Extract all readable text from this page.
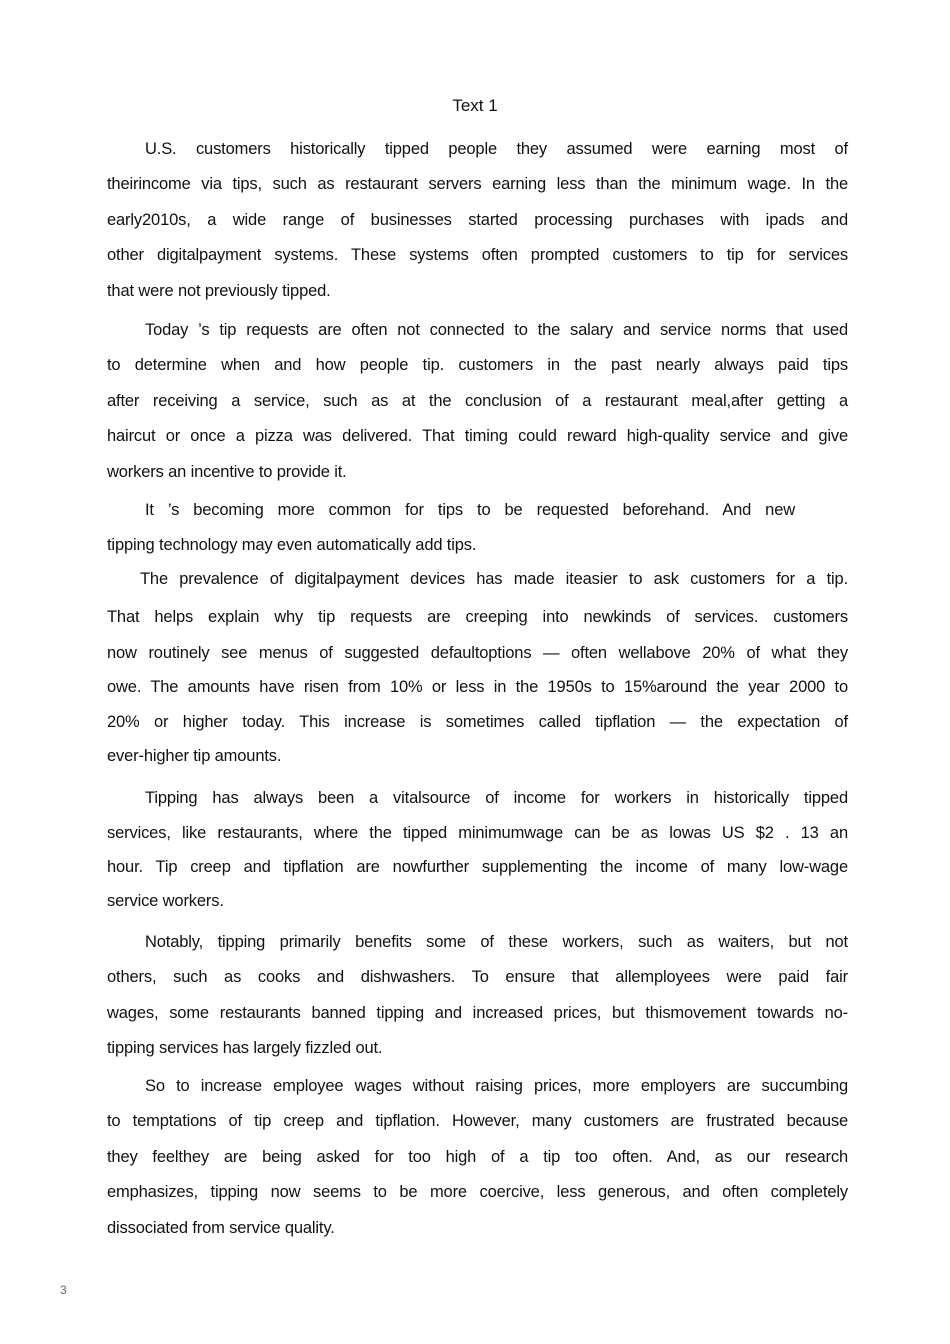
Text 1
U.S. customers historically tipped people they assumed were earning most of
theirincome via tips, such as restaurant servers earning less than the minimum wage. In the
early2010s, a wide range of businesses started processing purchases with ipads and
other digitalpayment systems. These systems often prompted customers to tip for services
that were not previously tipped.
Today ’s tip requests are often not connected to the salary and service norms that used
to determine when and how people tip. customers in the past nearly always paid tips
after receiving a service, such as at the conclusion of a restaurant meal,after getting a
haircut or once a pizza was delivered. That timing could reward high-quality service and give
workers an incentive to provide it.
It ’s becoming more common for tips to be requested beforehand. And new
tipping technology may even automatically add tips.
The prevalence of digitalpayment devices has made iteasier to ask customers for a tip.
That helps explain why tip requests are creeping into newkinds of services. customers
now routinely see menus of suggested defaultoptions — often wellabove 20% of what they
owe. The amounts have risen from 10% or less in the 1950s to 15%around the year 2000 to
20% or higher today. This increase is sometimes called tipflation — the expectation of
ever-higher tip amounts.
Tipping has always been a vitalsource of income for workers in historically tipped
services, like restaurants, where the tipped minimumwage can be as lowas US $2 . 13 an
hour. Tip creep and tipflation are nowfurther supplementing the income of many low-wage
service workers.
Notably, tipping primarily benefits some of these workers, such as waiters, but not
others, such as cooks and dishwashers. To ensure that allemployees were paid fair
wages, some restaurants banned tipping and increased prices, but thismovement towards no-
tipping services has largely fizzled out.
So to increase employee wages without raising prices, more employers are succumbing
to temptations of tip creep and tipflation. However, many customers are frustrated because
they feelthey are being asked for too high of a tip too often. And, as our research
emphasizes, tipping now seems to be more coercive, less generous, and often completely
dissociated from service quality.
3
